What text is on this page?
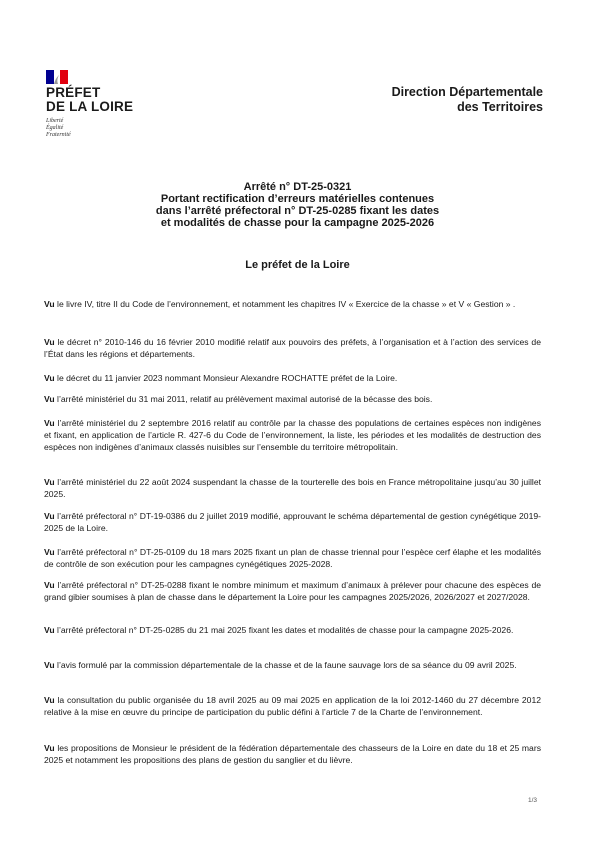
PRÉFET
DE LA LOIRE
Liberté
Égalité
Fraternité
Direction Départementale
des Territoires
Arrêté n° DT-25-0321
Portant rectification d’erreurs matérielles contenues
dans l’arrêté préfectoral n° DT-25-0285 fixant les dates
et modalités de chasse pour la campagne 2025-2026
Le préfet de la Loire
Vu le livre IV, titre II du Code de l’environnement, et notamment les chapitres IV « Exercice de la chasse » et V « Gestion » .
Vu le décret n° 2010-146 du 16 février 2010 modifié relatif aux pouvoirs des préfets, à l’organisation et à l’action des services de l’État dans les régions et départements.
Vu le décret du 11 janvier 2023 nommant Monsieur Alexandre ROCHATTE préfet de la Loire.
Vu l’arrêté ministériel du 31 mai 2011, relatif au prélèvement maximal autorisé de la bécasse des bois.
Vu l’arrêté ministériel du 2 septembre 2016 relatif au contrôle par la chasse des populations de certaines espèces non indigènes et fixant, en application de l’article R. 427-6 du Code de l’environnement, la liste, les périodes et les modalités de destruction des espèces non indigènes d’animaux classés nuisibles sur l’ensemble du territoire métropolitain.
Vu l’arrêté ministériel du 22 août 2024 suspendant la chasse de la tourterelle des bois en France métropolitaine jusqu’au 30 juillet 2025.
Vu l’arrêté préfectoral n° DT-19-0386 du 2 juillet 2019 modifié, approuvant le schéma départemental de gestion cynégétique 2019-2025 de la Loire.
Vu l’arrêté préfectoral n° DT-25-0109 du 18 mars 2025 fixant un plan de chasse triennal pour l’espèce cerf élaphe et les modalités de contrôle de son exécution pour les campagnes cynégétiques 2025-2028.
Vu l’arrêté préfectoral n° DT-25-0288 fixant le nombre minimum et maximum d’animaux à prélever pour chacune des espèces de grand gibier soumises à plan de chasse dans le département la Loire pour les campagnes 2025/2026, 2026/2027 et 2027/2028.
Vu l’arrêté préfectoral n° DT-25-0285 du 21 mai 2025 fixant les dates et modalités de chasse pour la campagne 2025-2026.
Vu l’avis formulé par la commission départementale de la chasse et de la faune sauvage lors de sa séance du 09 avril 2025.
Vu la consultation du public organisée du 18 avril 2025 au 09 mai 2025 en application de la loi 2012-1460 du 27 décembre 2012 relative à la mise en œuvre du principe de participation du public défini à l’article 7 de la Charte de l’environnement.
Vu les propositions de Monsieur le président de la fédération départementale des chasseurs de la Loire en date du 18 et 25 mars 2025 et notamment les propositions des plans de gestion du sanglier et du lièvre.
1/3
